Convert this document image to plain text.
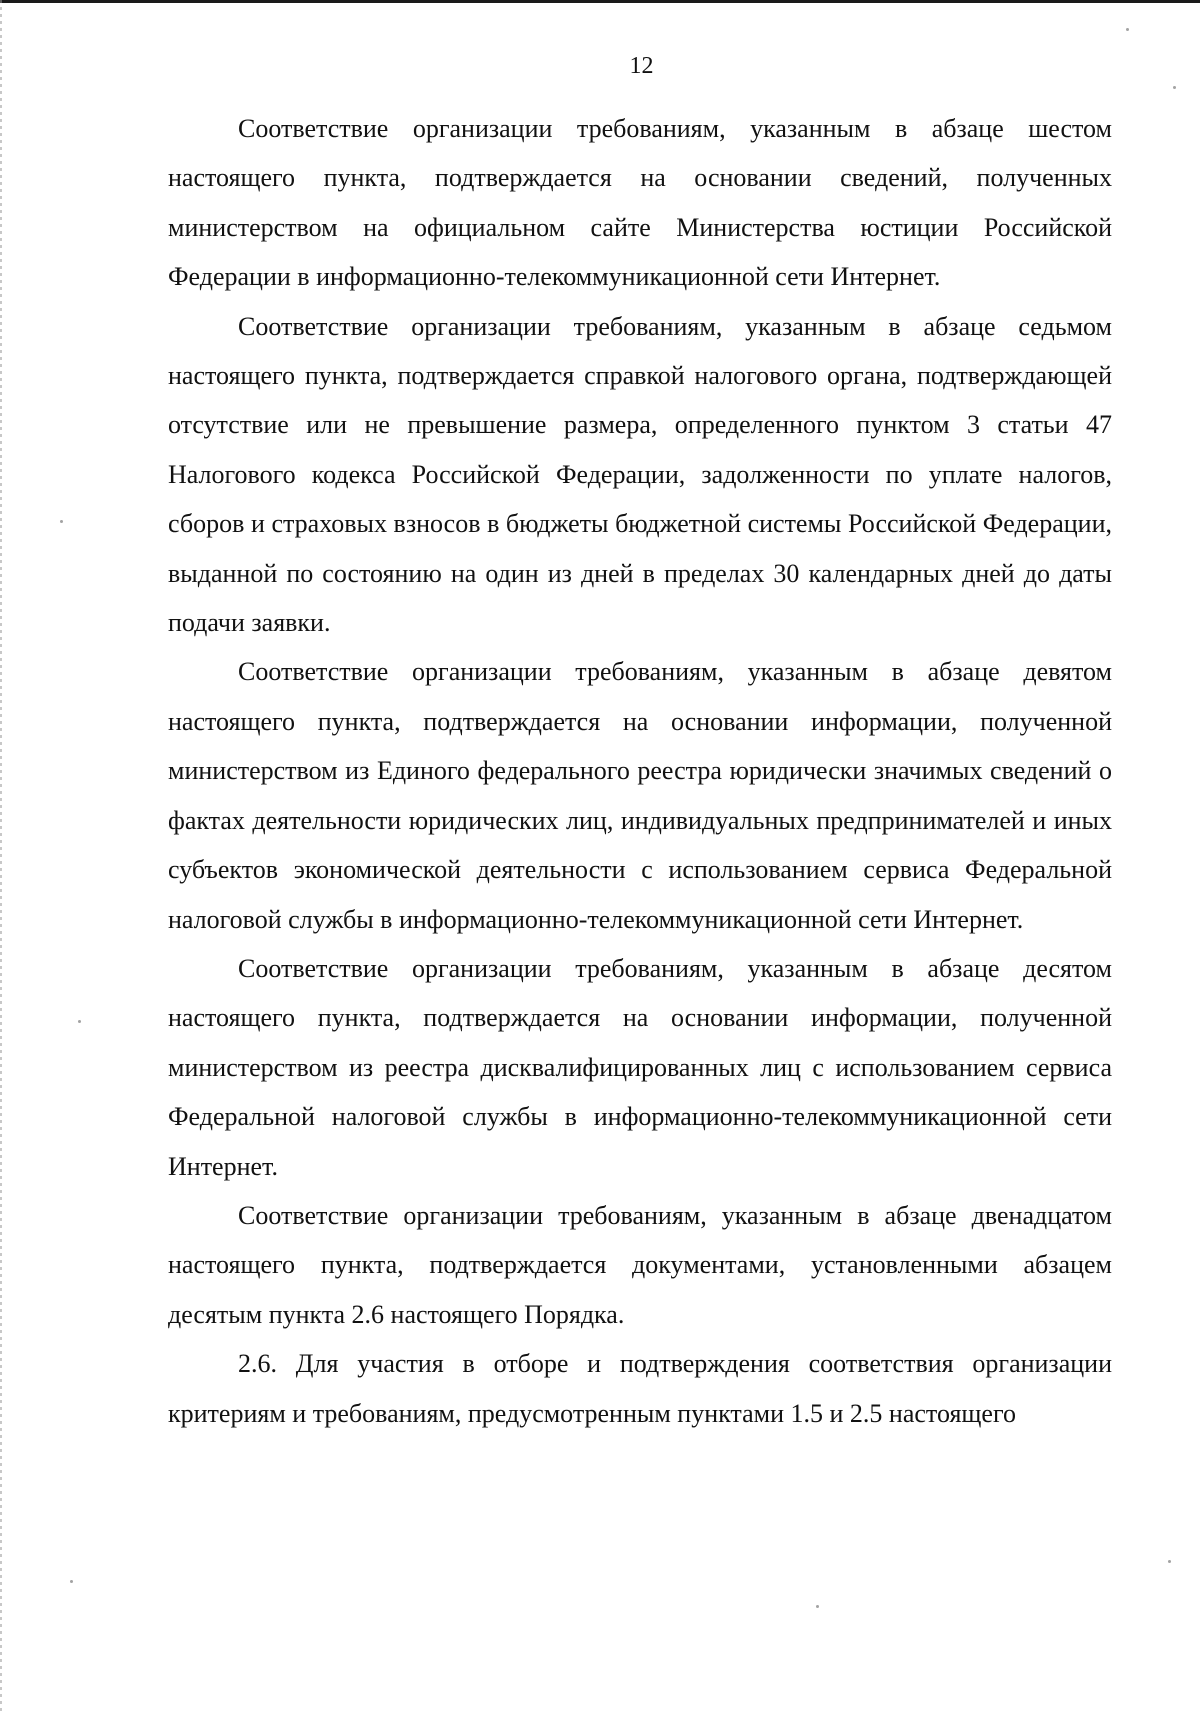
12

Соответствие организации требованиям, указанным в абзаце шестом настоящего пункта, подтверждается на основании сведений, полученных министерством на официальном сайте Министерства юстиции Российской Федерации в информационно-телекоммуникационной сети Интернет.

Соответствие организации требованиям, указанным в абзаце седьмом настоящего пункта, подтверждается справкой налогового органа, подтверждающей отсутствие или не превышение размера, определенного пунктом 3 статьи 47 Налогового кодекса Российской Федерации, задолженности по уплате налогов, сборов и страховых взносов в бюджеты бюджетной системы Российской Федерации, выданной по состоянию на один из дней в пределах 30 календарных дней до даты подачи заявки.

Соответствие организации требованиям, указанным в абзаце девятом настоящего пункта, подтверждается на основании информации, полученной министерством из Единого федерального реестра юридически значимых сведений о фактах деятельности юридических лиц, индивидуальных предпринимателей и иных субъектов экономической деятельности с использованием сервиса Федеральной налоговой службы в информационно-телекоммуникационной сети Интернет.

Соответствие организации требованиям, указанным в абзаце десятом настоящего пункта, подтверждается на основании информации, полученной министерством из реестра дисквалифицированных лиц с использованием сервиса Федеральной налоговой службы в информационно-телекоммуникационной сети Интернет.

Соответствие организации требованиям, указанным в абзаце двенадцатом настоящего пункта, подтверждается документами, установленными абзацем десятым пункта 2.6 настоящего Порядка.

2.6. Для участия в отборе и подтверждения соответствия организации критериям и требованиям, предусмотренным пунктами 1.5 и 2.5 настоящего
